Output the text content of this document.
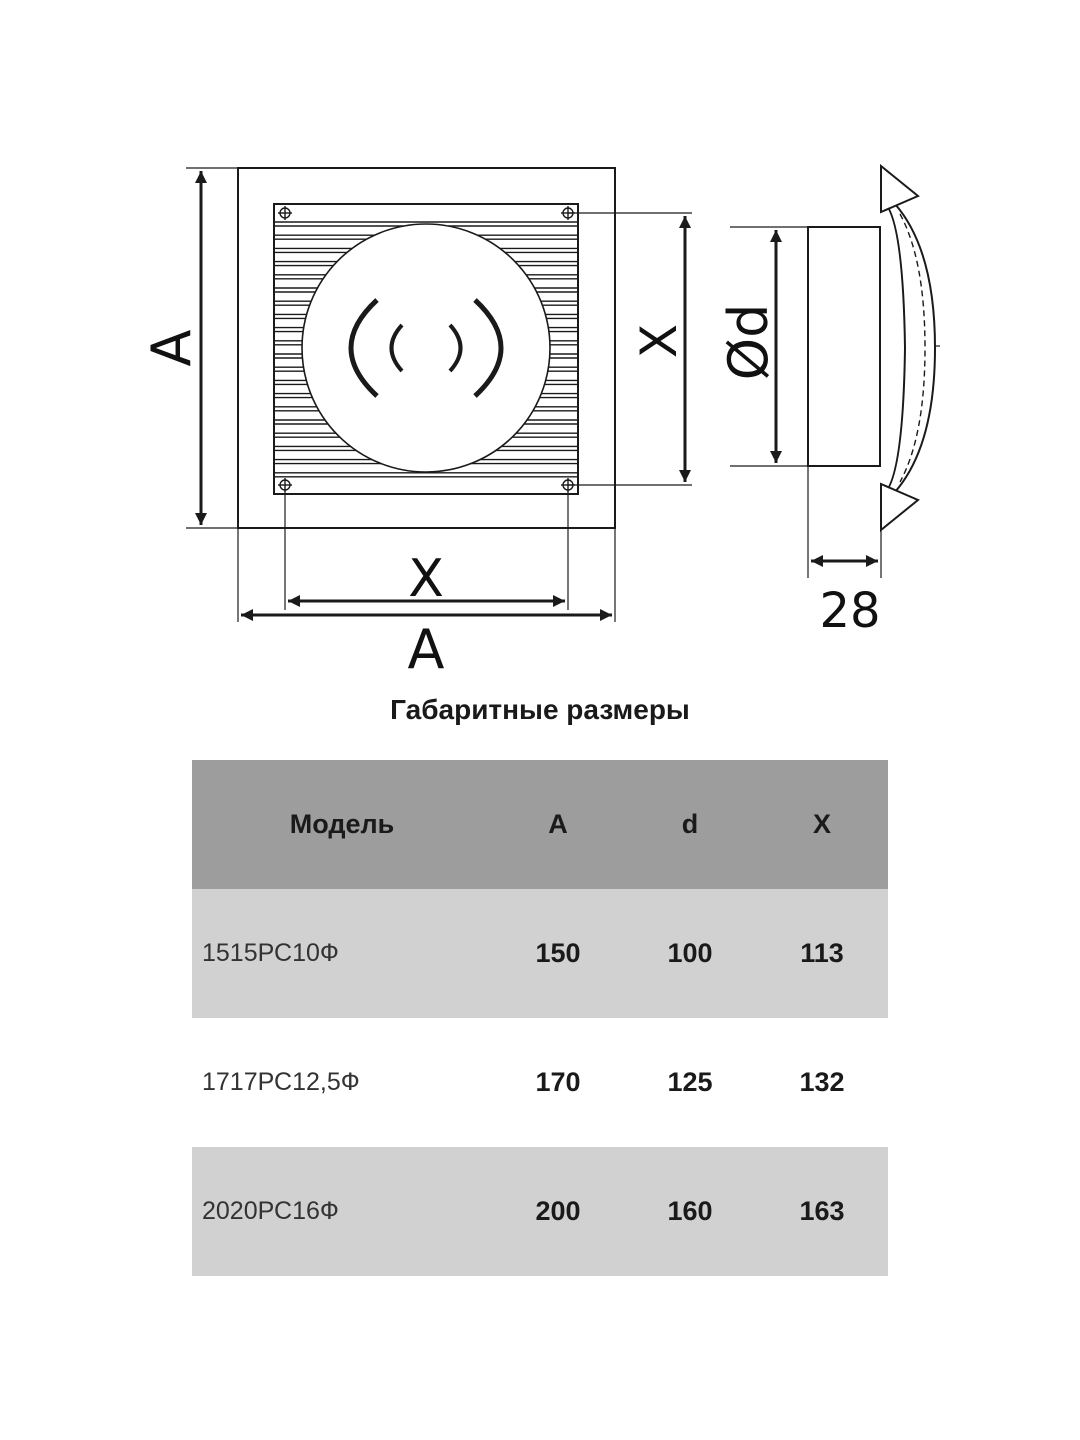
A	X
X
A
Ød
28
Габаритные размеры
Модель	A	d	X
1515РС10Ф	150	100	113
1717РС12,5Ф	170	125	132
2020РС16Ф	200	160	163
